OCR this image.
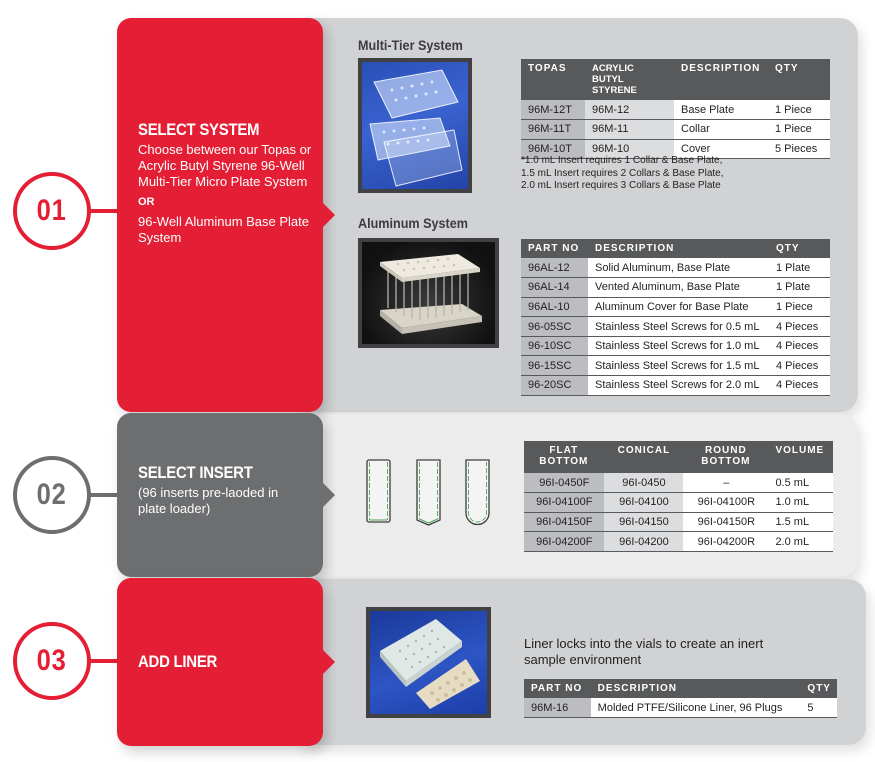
01
SELECT SYSTEM
Choose between our Topas or Acrylic Butyl Styrene 96-Well Multi-Tier Micro Plate System
OR
96-Well Aluminum Base Plate System
Multi-Tier System
TOPAS	ACRYLIC BUTYL STYRENE	DESCRIPTION	QTY
96M-12T	96M-12	Base Plate	1 Piece
96M-11T	96M-11	Collar	1 Piece
96M-10T	96M-10	Cover	5 Pieces
*1.0 mL Insert requires 1 Collar & Base Plate,
1.5 mL Insert requires 2 Collars & Base Plate,
2.0 mL Insert requires 3 Collars & Base Plate
Aluminum System
PART NO	DESCRIPTION	QTY
96AL-12	Solid Aluminum, Base Plate	1 Plate
96AL-14	Vented Aluminum, Base Plate	1 Plate
96AL-10	Aluminum Cover for Base Plate	1 Piece
96-05SC	Stainless Steel Screws for 0.5 mL	4 Pieces
96-10SC	Stainless Steel Screws for 1.0 mL	4 Pieces
96-15SC	Stainless Steel Screws for 1.5 mL	4 Pieces
96-20SC	Stainless Steel Screws for 2.0 mL	4 Pieces
02
SELECT INSERT
(96 inserts pre-laoded in plate loader)
FLAT BOTTOM	CONICAL	ROUND BOTTOM	VOLUME
96I-0450F	96I-0450	–	0.5 mL
96I-04100F	96I-04100	96I-04100R	1.0 mL
96I-04150F	96I-04150	96I-04150R	1.5 mL
96I-04200F	96I-04200	96I-04200R	2.0 mL
03	ADD LINER
Liner locks into the vials to create an inert sample environment
PART NO	DESCRIPTION	QTY
96M-16	Molded PTFE/Silicone Liner, 96 Plugs	5
